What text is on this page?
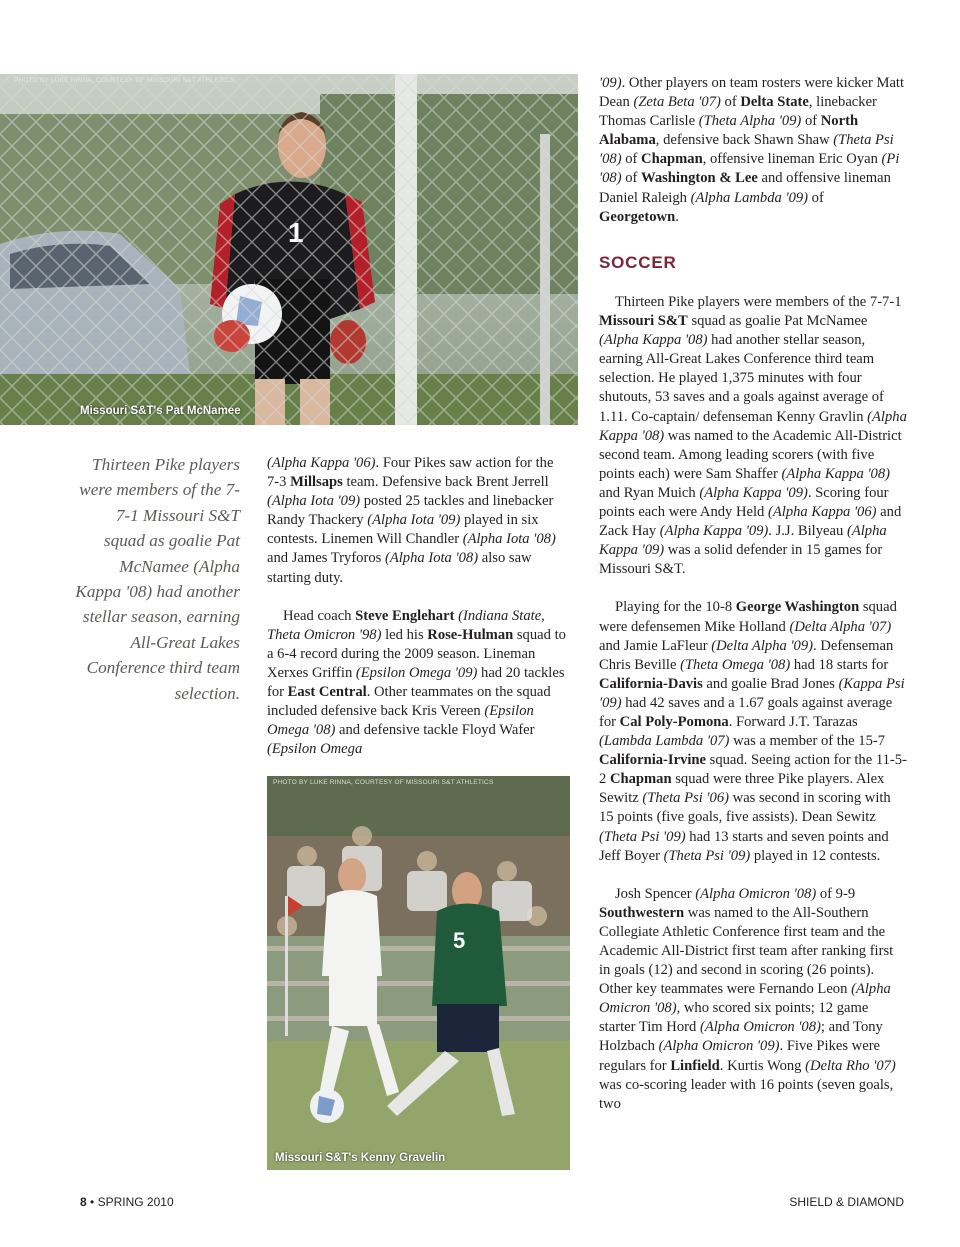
PHOTO BY LUKE RINNA, COURTESY OF MISSOURI S&T ATHLETICS
Missouri S&T's Pat McNamee
Thirteen Pike players were members of the 7-7-1 Missouri S&T squad as goalie Pat McNamee (Alpha Kappa '08) had another stellar season, earning All-Great Lakes Conference third team selection.

(Alpha Kappa '06). Four Pikes saw action for the 7-3 Millsaps team. Defensive back Brent Jerrell (Alpha Iota '09) posted 25 tackles and linebacker Randy Thackery (Alpha Iota '09) played in six contests. Linemen Will Chandler (Alpha Iota '08) and James Tryforos (Alpha Iota '08) also saw starting duty.

Head coach Steve Englehart (Indiana State, Theta Omicron '98) led his Rose-Hulman squad to a 6-4 record during the 2009 season. Lineman Xerxes Griffin (Epsilon Omega '09) had 20 tackles for East Central. Other teammates on the squad included defensive back Kris Vereen (Epsilon Omega '08) and defensive tackle Floyd Wafer (Epsilon Omega

5
PHOTO BY LUKE RINNA, COURTESY OF MISSOURI S&T ATHLETICS
Missouri S&T's Kenny Gravelin

'09). Other players on team rosters were kicker Matt Dean (Zeta Beta '07) of Delta State, linebacker Thomas Carlisle (Theta Alpha '09) of North Alabama, defensive back Shawn Shaw (Theta Psi '08) of Chapman, offensive lineman Eric Oyan (Pi '08) of Washington & Lee and offensive lineman Daniel Raleigh (Alpha Lambda '09) of Georgetown.

SOCCER

Thirteen Pike players were members of the 7-7-1 Missouri S&T squad as goalie Pat McNamee (Alpha Kappa '08) had another stellar season, earning All-Great Lakes Conference third team selection. He played 1,375 minutes with four shutouts, 53 saves and a goals against average of 1.11. Co-captain/ defenseman Kenny Gravlin (Alpha Kappa '08) was named to the Academic All-District second team. Among leading scorers (with five points each) were Sam Shaffer (Alpha Kappa '08) and Ryan Muich (Alpha Kappa '09). Scoring four points each were Andy Held (Alpha Kappa '06) and Zack Hay (Alpha Kappa '09). J.J. Bilyeau (Alpha Kappa '09) was a solid defender in 15 games for Missouri S&T.

Playing for the 10-8 George Washington squad were defensemen Mike Holland (Delta Alpha '07) and Jamie LaFleur (Delta Alpha '09). Defenseman Chris Beville (Theta Omega '08) had 18 starts for California-Davis and goalie Brad Jones (Kappa Psi '09) had 42 saves and a 1.67 goals against average for Cal Poly-Pomona. Forward J.T. Tarazas (Lambda Lambda '07) was a member of the 15-7 California-Irvine squad. Seeing action for the 11-5-2 Chapman squad were three Pike players. Alex Sewitz (Theta Psi '06) was second in scoring with 15 points (five goals, five assists). Dean Sewitz (Theta Psi '09) had 13 starts and seven points and Jeff Boyer (Theta Psi '09) played in 12 contests.

Josh Spencer (Alpha Omicron '08) of 9-9 Southwestern was named to the All-Southern Collegiate Athletic Conference first team and the Academic All-District first team after ranking first in goals (12) and second in scoring (26 points). Other key teammates were Fernando Leon (Alpha Omicron '08), who scored six points; 12 game starter Tim Hord (Alpha Omicron '08); and Tony Holzbach (Alpha Omicron '09). Five Pikes were regulars for Linfield. Kurtis Wong (Delta Rho '07) was co-scoring leader with 16 points (seven goals, two

8 • SPRING 2010	SHIELD & DIAMOND
